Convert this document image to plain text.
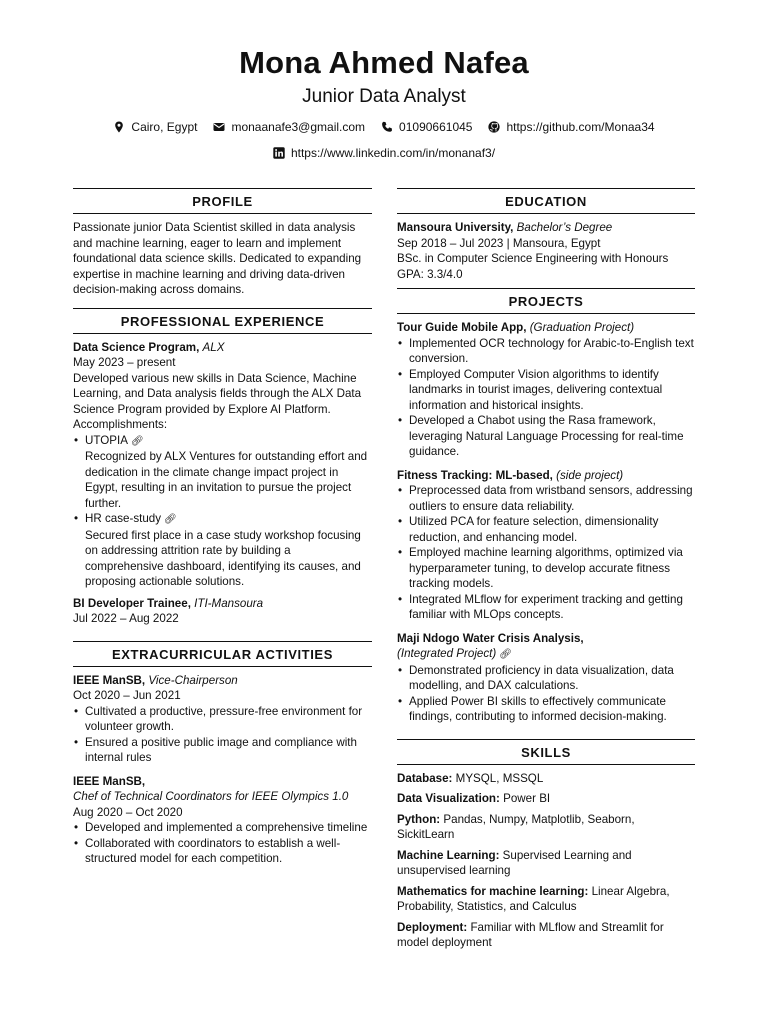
Mona Ahmed Nafea
Junior Data Analyst
Cairo, Egypt	monaanafe3@gmail.com	01090661045	https://github.com/Monaa34
https://www.linkedin.com/in/monanaf3/
PROFILE
Passionate junior Data Scientist skilled in data analysis and machine learning, eager to learn and implement foundational data science skills. Dedicated to expanding expertise in machine learning and driving data-driven decision-making across domains.
PROFESSIONAL EXPERIENCE
Data Science Program, ALX
May 2023 – present
Developed various new skills in Data Science, Machine Learning, and Data analysis fields through the ALX Data Science Program provided by Explore AI Platform.
Accomplishments:
• UTOPIA 🔗︎
Recognized by ALX Ventures for outstanding effort and dedication in the climate change impact project in Egypt, resulting in an invitation to pursue the project further.
• HR case-study 🔗︎
Secured first place in a case study workshop focusing on addressing attrition rate by building a comprehensive dashboard, identifying its causes, and proposing actionable solutions.
BI Developer Trainee, ITI-Mansoura
Jul 2022 – Aug 2022
EXTRACURRICULAR ACTIVITIES
IEEE ManSB, Vice-Chairperson
Oct 2020 – Jun 2021
• Cultivated a productive, pressure-free environment for volunteer growth.
• Ensured a positive public image and compliance with internal rules
IEEE ManSB,
Chef of Technical Coordinators for IEEE Olympics 1.0
Aug 2020 – Oct 2020
• Developed and implemented a comprehensive timeline
• Collaborated with coordinators to establish a well-structured model for each competition.
EDUCATION
Mansoura University, Bachelor’s Degree
Sep 2018 – Jul 2023 | Mansoura, Egypt
BSc. in Computer Science Engineering with Honours
GPA: 3.3/4.0
PROJECTS
Tour Guide Mobile App, (Graduation Project)
• Implemented OCR technology for Arabic-to-English text conversion.
• Employed Computer Vision algorithms to identify landmarks in tourist images, delivering contextual information and historical insights.
• Developed a Chabot using the Rasa framework, leveraging Natural Language Processing for real-time guidance.
Fitness Tracking: ML-based, (side project)
• Preprocessed data from wristband sensors, addressing outliers to ensure data reliability.
• Utilized PCA for feature selection, dimensionality reduction, and enhancing model.
• Employed machine learning algorithms, optimized via hyperparameter tuning, to develop accurate fitness tracking models.
• Integrated MLflow for experiment tracking and getting familiar with MLOps concepts.
Maji Ndogo Water Crisis Analysis,
(Integrated Project) 🔗︎
• Demonstrated proficiency in data visualization, data modelling, and DAX calculations.
• Applied Power BI skills to effectively communicate findings, contributing to informed decision-making.
SKILLS
Database: MYSQL, MSSQL
Data Visualization: Power BI
Python: Pandas, Numpy, Matplotlib, Seaborn, SickitLearn
Machine Learning: Supervised Learning and unsupervised learning
Mathematics for machine learning: Linear Algebra, Probability, Statistics, and Calculus
Deployment: Familiar with MLflow and Streamlit for model deployment
